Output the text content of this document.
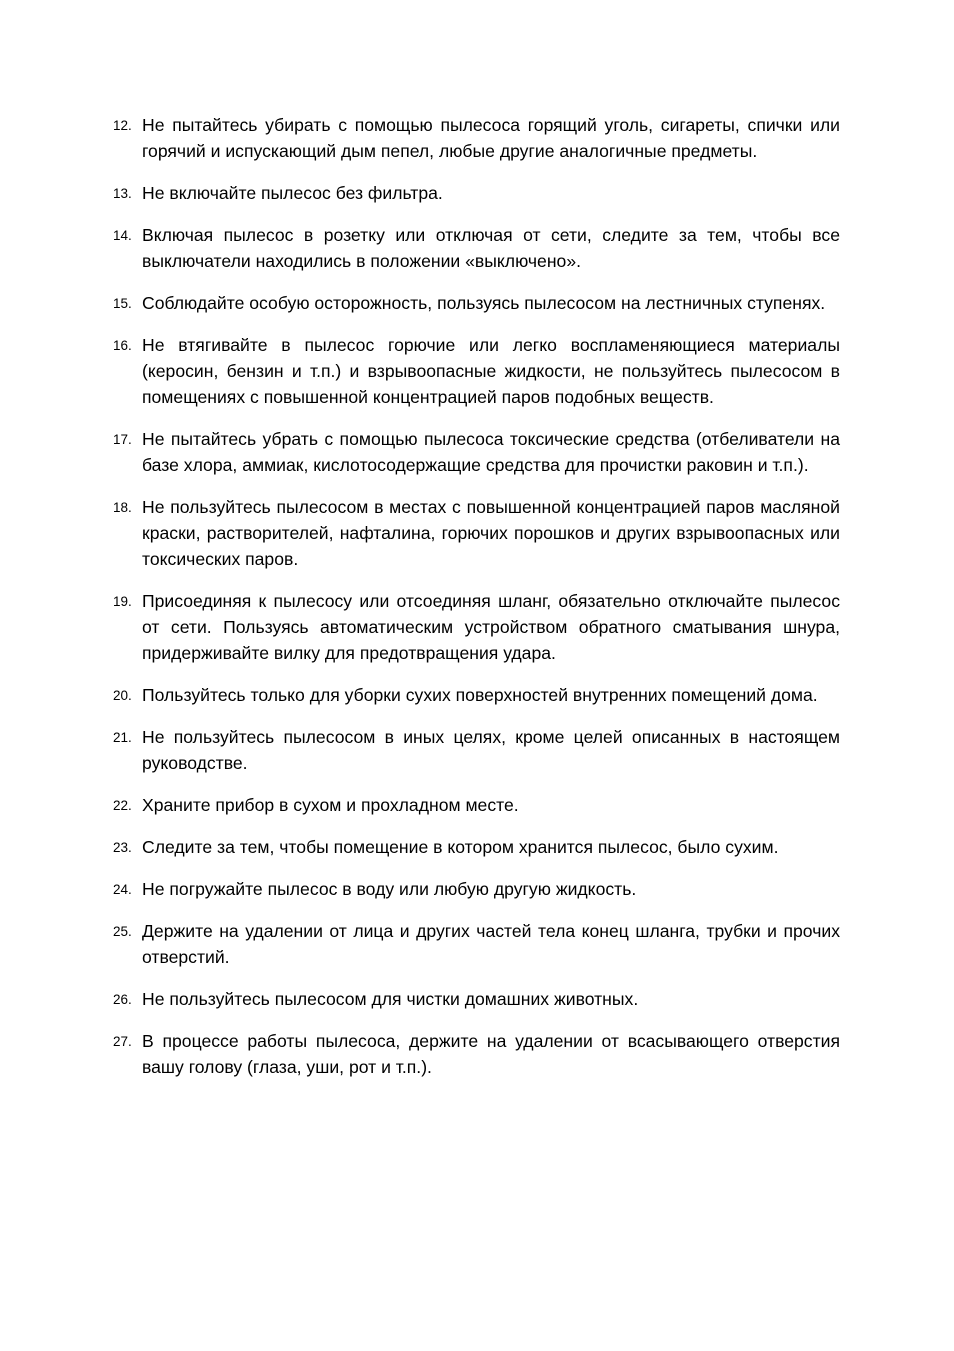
12. Не пытайтесь убирать с помощью пылесоса горящий уголь, сигареты, спички или горячий и испускающий дым пепел, любые другие аналогичные предметы.
13. Не включайте пылесос без фильтра.
14. Включая пылесос в розетку или отключая от сети, следите за тем, чтобы все выключатели находились в положении «выключено».
15. Соблюдайте особую осторожность, пользуясь пылесосом на лестничных ступенях.
16. Не втягивайте в пылесос горючие или легко воспламеняющиеся материалы (керосин, бензин и т.п.) и взрывоопасные жидкости, не пользуйтесь пылесосом в помещениях с повышенной концентрацией паров подобных веществ.
17. Не пытайтесь убрать с помощью пылесоса токсические средства (отбеливатели на базе хлора, аммиак, кислотосодержащие средства для прочистки раковин и т.п.).
18. Не пользуйтесь пылесосом в местах с повышенной концентрацией паров масляной краски, растворителей, нафталина, горючих порошков и других взрывоопасных или токсических паров.
19. Присоединяя к пылесосу или отсоединяя шланг, обязательно отключайте пылесос от сети. Пользуясь автоматическим устройством обратного сматывания шнура, придерживайте вилку для предотвращения удара.
20. Пользуйтесь только для уборки сухих поверхностей внутренних помещений дома.
21. Не пользуйтесь пылесосом в иных целях, кроме целей описанных в настоящем руководстве.
22. Храните прибор в сухом и прохладном месте.
23. Следите за тем, чтобы помещение в котором хранится пылесос, было сухим.
24. Не погружайте пылесос в воду или любую другую жидкость.
25. Держите на удалении от лица и других частей тела конец шланга, трубки и прочих отверстий.
26. Не пользуйтесь пылесосом для чистки домашних животных.
27. В процессе работы пылесоса, держите на удалении от всасывающего отверстия вашу голову (глаза, уши, рот и т.п.).
